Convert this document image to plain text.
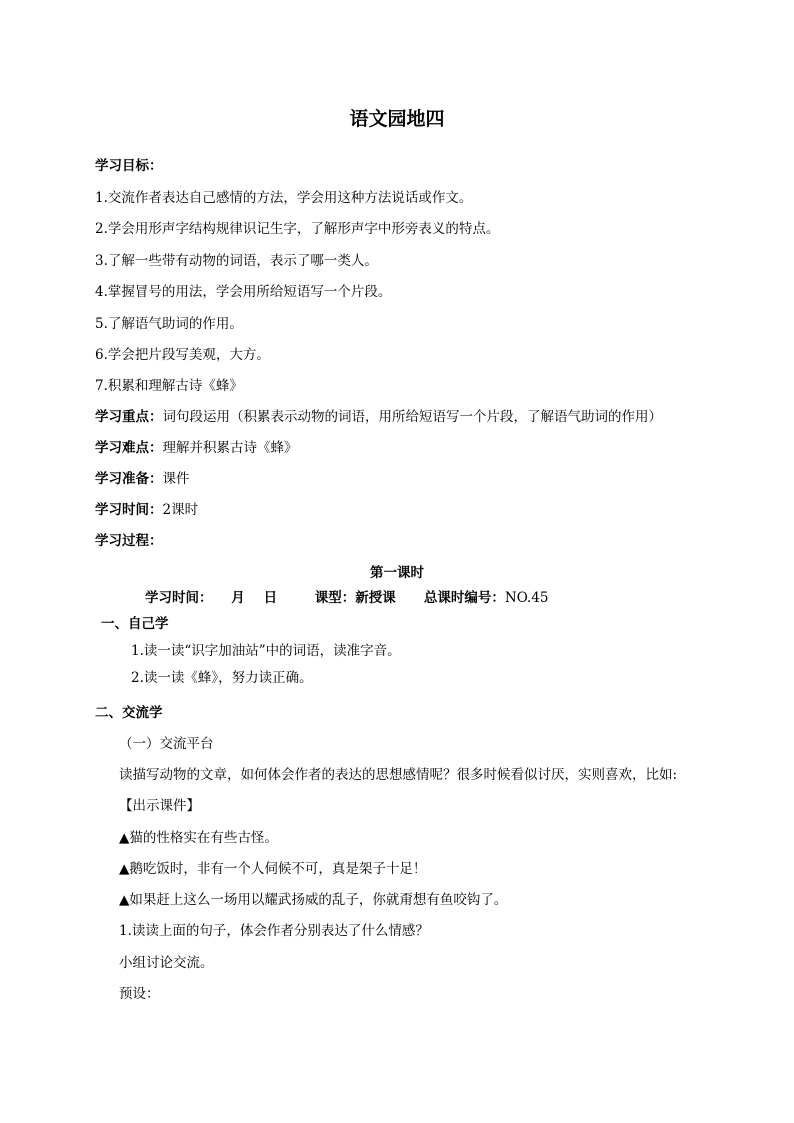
语文园地四
学习目标：
1.交流作者表达自己感情的方法，学会用这种方法说话或作文。
2.学会用形声字结构规律识记生字，了解形声字中形旁表义的特点。
3.了解一些带有动物的词语，表示了哪一类人。
4.掌握冒号的用法，学会用所给短语写一个片段。
5.了解语气助词的作用。
6.学会把片段写美观，大方。
7.积累和理解古诗《蜂》
学习重点：词句段运用（积累表示动物的词语，用所给短语写一个片段，了解语气助词的作用）
学习难点：理解并积累古诗《蜂》
学习准备：课件
学习时间：2课时
学习过程：
第一课时
学习时间：    月    日        课型：新授课      总课时编号：NO.45
一、自己学
1.读一读“识字加油站”中的词语，读准字音。
2.读一读《蜂》，努力读正确。
二、交流学
（一）交流平台
读描写动物的文章，如何体会作者的表达的思想感情呢？很多时候看似讨厌，实则喜欢，比如:
【出示课件】
▲猫的性格实在有些古怪。
▲鹅吃饭时，非有一个人伺候不可，真是架子十足！
▲如果赶上这么一场用以耀武扬威的乱子，你就甭想有鱼咬钩了。
1.读读上面的句子，体会作者分别表达了什么情感？
小组讨论交流。
预设：
